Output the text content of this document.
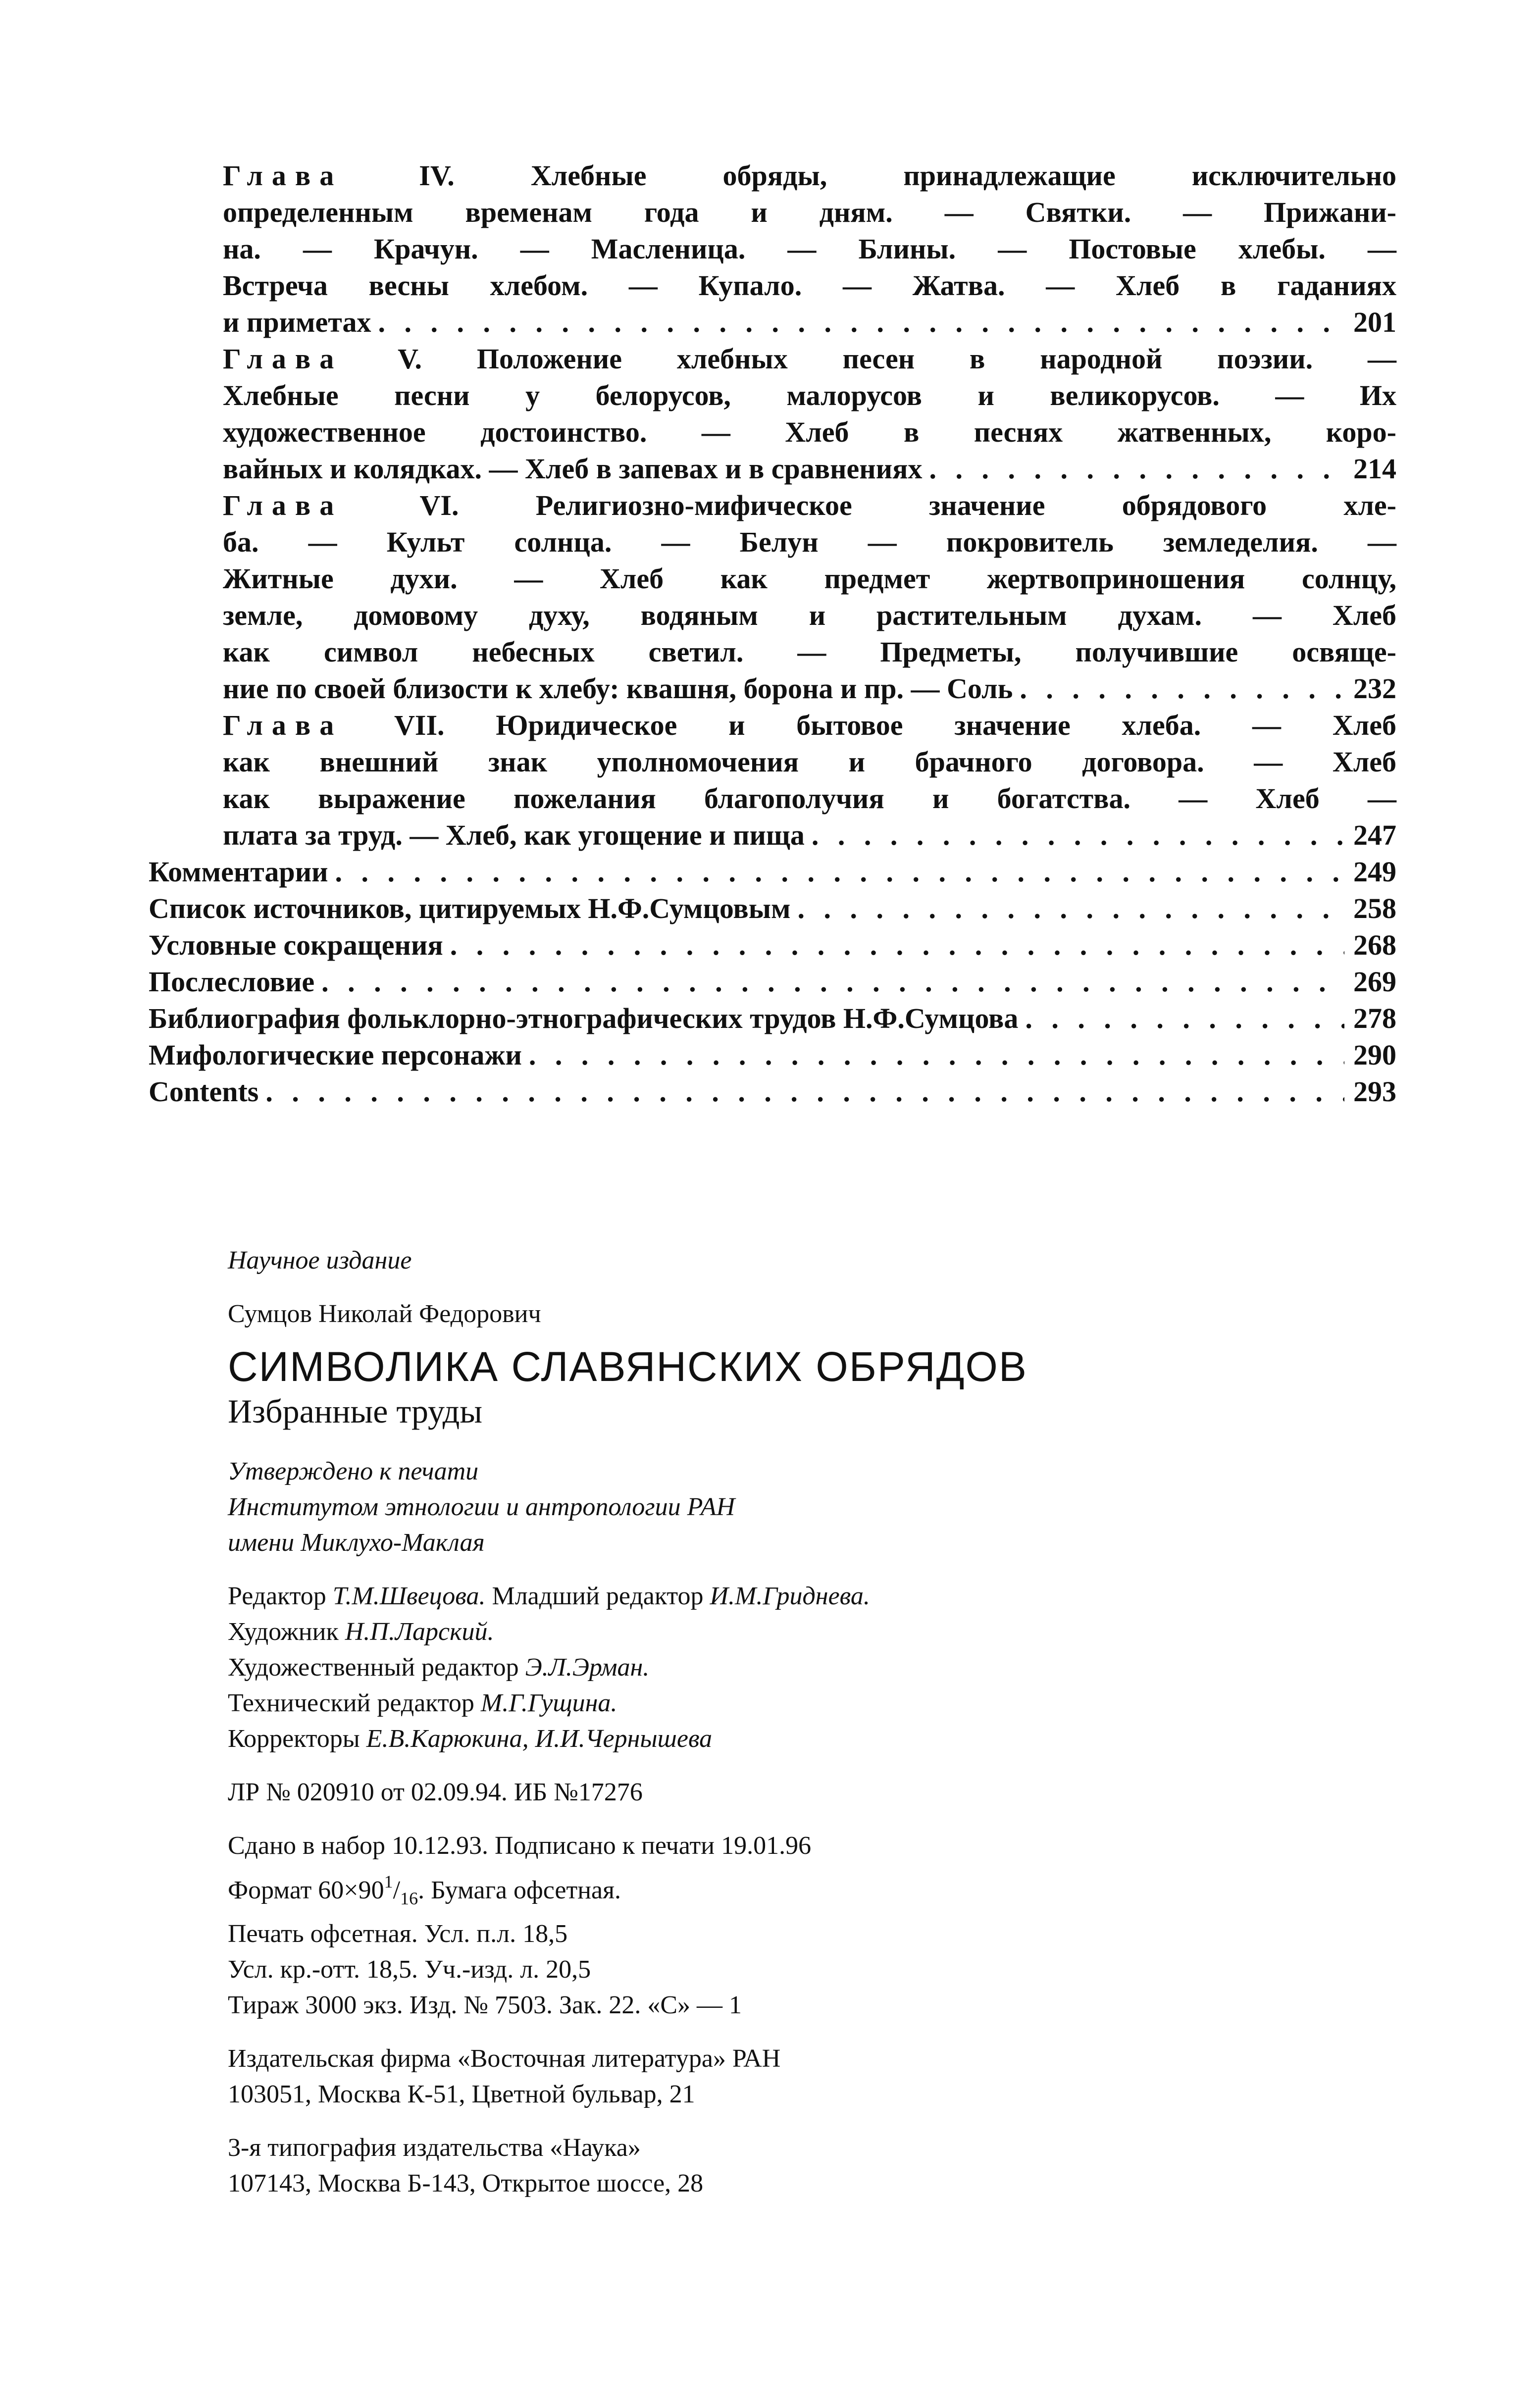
Глава IV. Хлебные обряды, принадлежащие исключительно
определенным временам года и дням. — Святки. — Прижани-
на. — Крачун. — Масленица. — Блины. — Постовые хлебы. —
Встреча весны хлебом. — Купало. — Жатва. — Хлеб в гаданиях
и приметах . . .	201
Глава V. Положение хлебных песен в народной поэзии. —
Хлебные песни у белорусов, малорусов и великорусов. — Их
художественное достоинство. — Хлеб в песнях жатвенных, коро-
вайных и колядках. — Хлеб в запевах и в сравнениях . . .	214
Глава VI. Религиозно-мифическое значение обрядового хле-
ба. — Культ солнца. — Белун — покровитель земледелия. —
Житные духи. — Хлеб как предмет жертвоприношения солнцу,
земле, домовому духу, водяным и растительным духам. — Хлеб
как символ небесных светил. — Предметы, получившие освяще-
ние по своей близости к хлебу: квашня, борона и пр. — Соль . . .	232
Глава VII. Юридическое и бытовое значение хлеба. — Хлеб
как внешний знак уполномочения и брачного договора. — Хлеб
как выражение пожелания благополучия и богатства. — Хлеб —
плата за труд. — Хлеб, как угощение и пища . . .	247
Комментарии . . .	249
Список источников, цитируемых Н.Ф.Сумцовым . . .	258
Условные сокращения . . .	268
Послесловие . . .	269
Библиография фольклорно-этнографических трудов Н.Ф.Сумцова . . .	278
Мифологические персонажи . . .	290
Contents . . .	293
Научное издание
Сумцов Николай Федорович
СИМВОЛИКА СЛАВЯНСКИХ ОБРЯДОВ
Избранные труды
Утверждено к печати
Институтом этнологии и антропологии РАН
имени Миклухо-Маклая
Редактор Т.М.Швецова. Младший редактор И.М.Гриднева.
Художник Н.П.Ларский.
Художественный редактор Э.Л.Эрман.
Технический редактор М.Г.Гущина.
Корректоры Е.В.Карюкина, И.И.Чернышева
ЛР № 020910 от 02.09.94. ИБ №17276
Сдано в набор 10.12.93. Подписано к печати 19.01.96
Формат $60\times 90^1/_{16}$. Бумага офсетная.
Печать офсетная. Усл. п.л. 18,5
Усл. кр.-отт. 18,5. Уч.-изд. л. 20,5
Тираж 3000 экз. Изд. № 7503. Зак. 22. «С» — 1
Издательская фирма «Восточная литература» РАН
103051, Москва К-51, Цветной бульвар, 21
3-я типография издательства «Наука»
107143, Москва Б-143, Открытое шоссе, 28
